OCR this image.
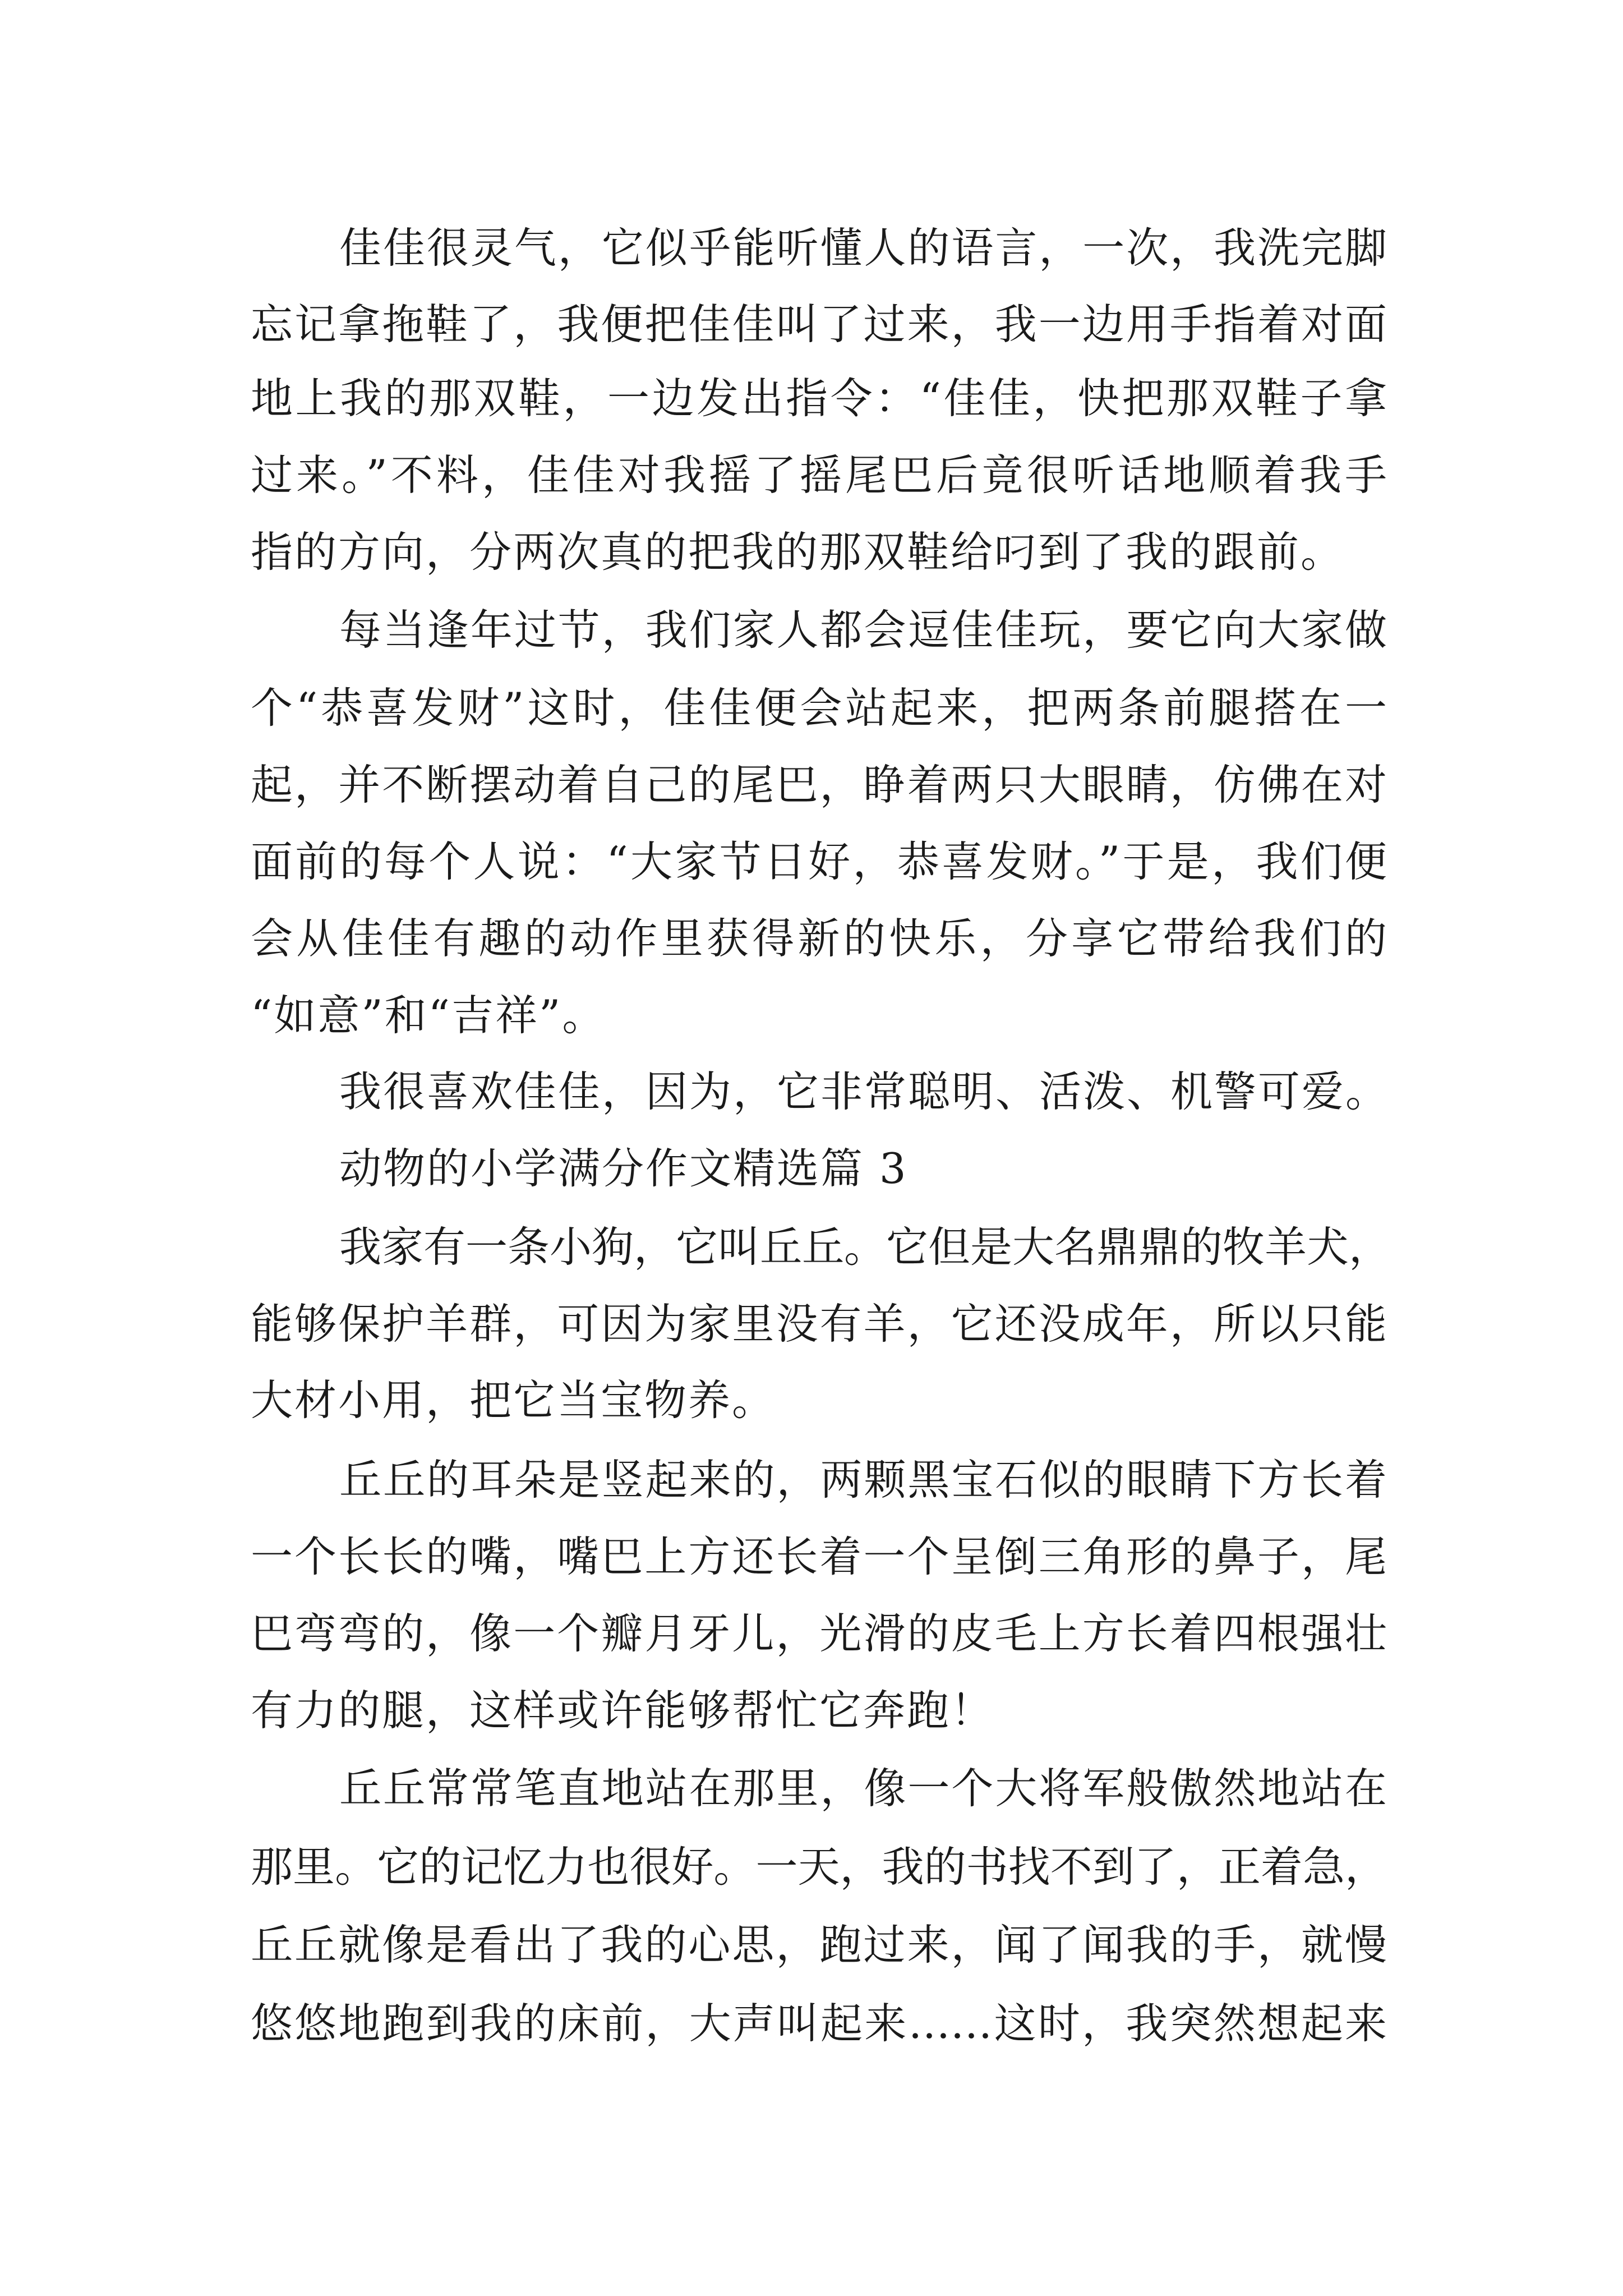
佳佳很灵气，它似乎能听懂人的语言，一次，我洗完脚
忘记拿拖鞋了，我便把佳佳叫了过来，我一边用手指着对面
地上我的那双鞋，一边发出指令：“佳佳，快把那双鞋子拿
过来。”不料，佳佳对我摇了摇尾巴后竟很听话地顺着我手
指的方向，分两次真的把我的那双鞋给叼到了我的跟前。
每当逢年过节，我们家人都会逗佳佳玩，要它向大家做
个“恭喜发财”这时，佳佳便会站起来，把两条前腿搭在一
起，并不断摆动着自己的尾巴，睁着两只大眼睛，仿佛在对
面前的每个人说：“大家节日好，恭喜发财。”于是，我们便
会从佳佳有趣的动作里获得新的快乐，分享它带给我们的
“如意”和“吉祥”。
我很喜欢佳佳，因为，它非常聪明、活泼、机警可爱。
动物的小学满分作文精选篇 3
我家有一条小狗，它叫丘丘。它但是大名鼎鼎的牧羊犬，
能够保护羊群，可因为家里没有羊，它还没成年，所以只能
大材小用，把它当宝物养。
丘丘的耳朵是竖起来的，两颗黑宝石似的眼睛下方长着
一个长长的嘴，嘴巴上方还长着一个呈倒三角形的鼻子，尾
巴弯弯的，像一个瓣月牙儿，光滑的皮毛上方长着四根强壮
有力的腿，这样或许能够帮忙它奔跑！
丘丘常常笔直地站在那里，像一个大将军般傲然地站在
那里。它的记忆力也很好。一天，我的书找不到了，正着急，
丘丘就像是看出了我的心思，跑过来，闻了闻我的手，就慢
悠悠地跑到我的床前，大声叫起来……这时，我突然想起来
